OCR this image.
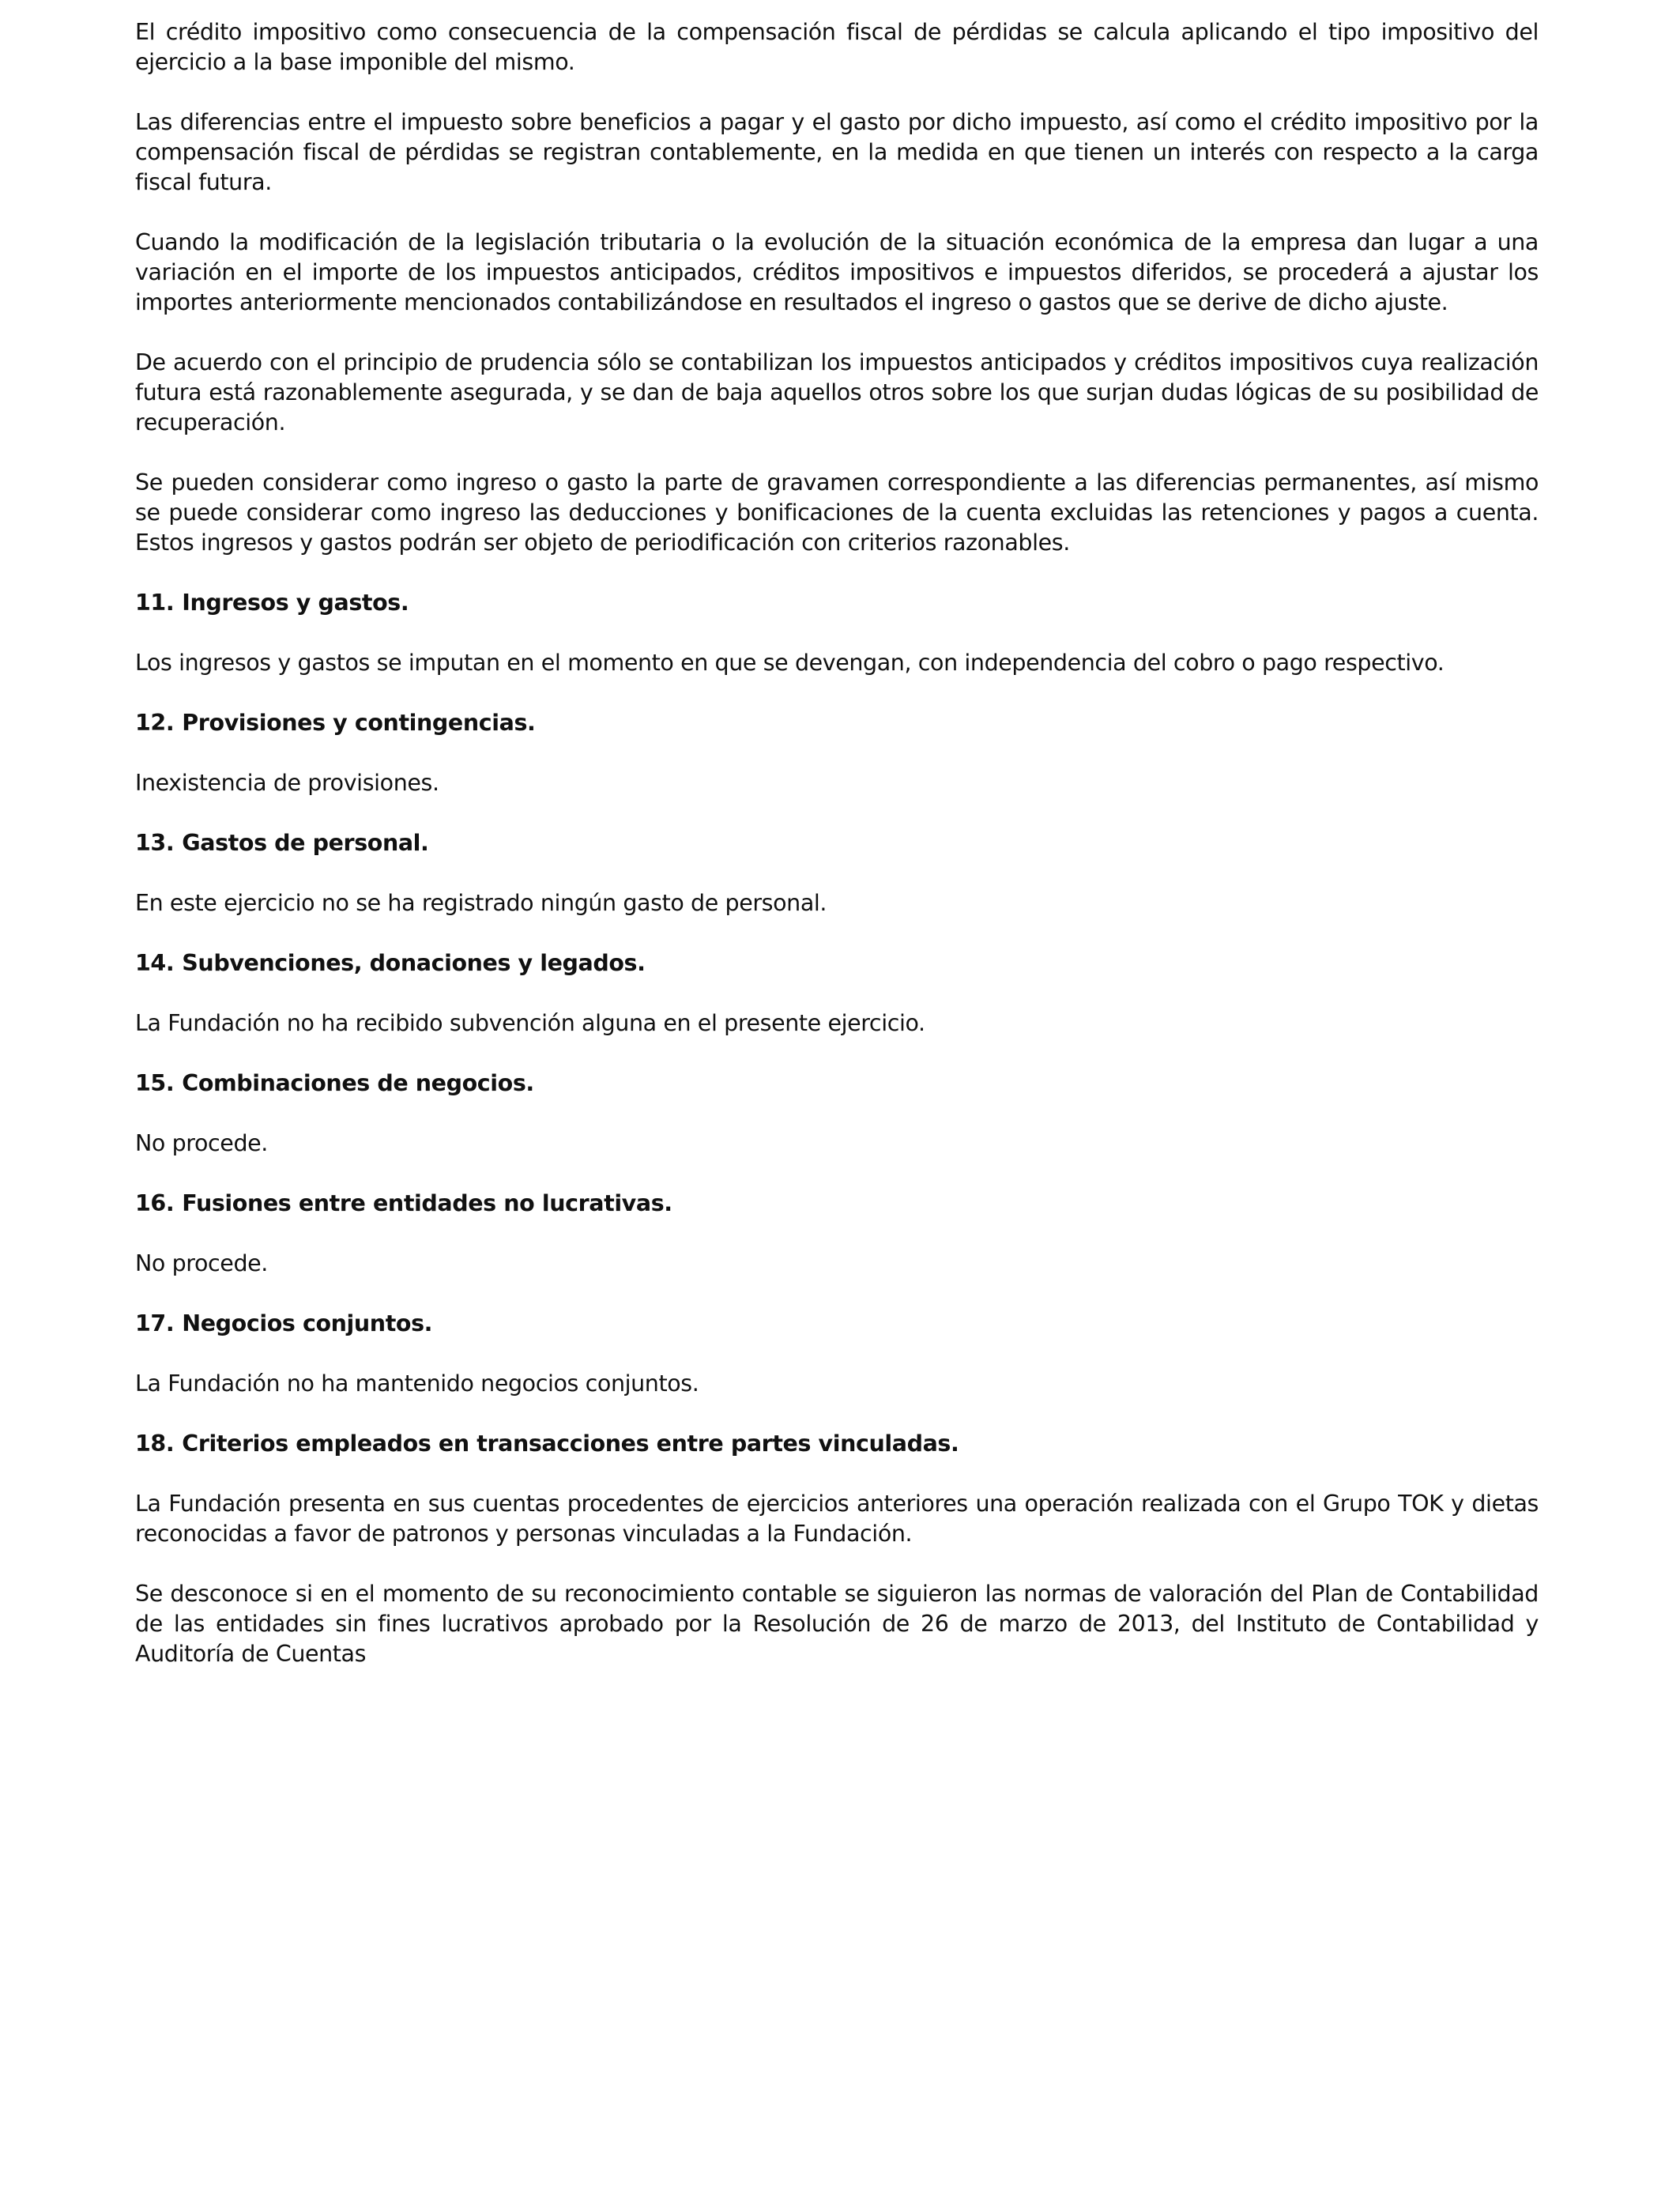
El crédito impositivo como consecuencia de la compensación fiscal de pérdidas se calcula aplicando el tipo impositivo del ejercicio a la base imponible del mismo.

Las diferencias entre el impuesto sobre beneficios a pagar y el gasto por dicho impuesto, así como el crédito impositivo por la compensación fiscal de pérdidas se registran contablemente, en la medida en que tienen un interés con respecto a la carga fiscal futura.

Cuando la modificación de la legislación tributaria o la evolución de la situación económica de la empresa dan lugar a una variación en el importe de los impuestos anticipados, créditos impositivos e impuestos diferidos, se procederá a ajustar los importes anteriormente mencionados contabilizándose en resultados el ingreso o gastos que se derive de dicho ajuste.

De acuerdo con el principio de prudencia sólo se contabilizan los impuestos anticipados y créditos impositivos cuya realización futura está razonablemente asegurada, y se dan de baja aquellos otros sobre los que surjan dudas lógicas de su posibilidad de recuperación.

Se pueden considerar como ingreso o gasto la parte de gravamen correspondiente a las diferencias permanentes, así mismo se puede considerar como ingreso las deducciones y bonificaciones de la cuenta excluidas las retenciones y pagos a cuenta. Estos ingresos y gastos podrán ser objeto de periodificación con criterios razonables.

11. Ingresos y gastos.

Los ingresos y gastos se imputan en el momento en que se devengan, con independencia del cobro o pago respectivo.

12. Provisiones y contingencias.

Inexistencia de provisiones.

13. Gastos de personal.

En este ejercicio no se ha registrado ningún gasto de personal.

14. Subvenciones, donaciones y legados.

La Fundación no ha recibido subvención alguna en el presente ejercicio.

15. Combinaciones de negocios.

No procede.

16. Fusiones entre entidades no lucrativas.

No procede.

17. Negocios conjuntos.

La Fundación no ha mantenido negocios conjuntos.

18. Criterios empleados en transacciones entre partes vinculadas.

La Fundación presenta en sus cuentas procedentes de ejercicios anteriores una operación realizada con el Grupo TOK y dietas reconocidas a favor de patronos y personas vinculadas a la Fundación.

Se desconoce si en el momento de su reconocimiento contable se siguieron las normas de valoración del Plan de Contabilidad de las entidades sin fines lucrativos aprobado por la Resolución de 26 de marzo de 2013, del Instituto de Contabilidad y Auditoría de Cuentas
